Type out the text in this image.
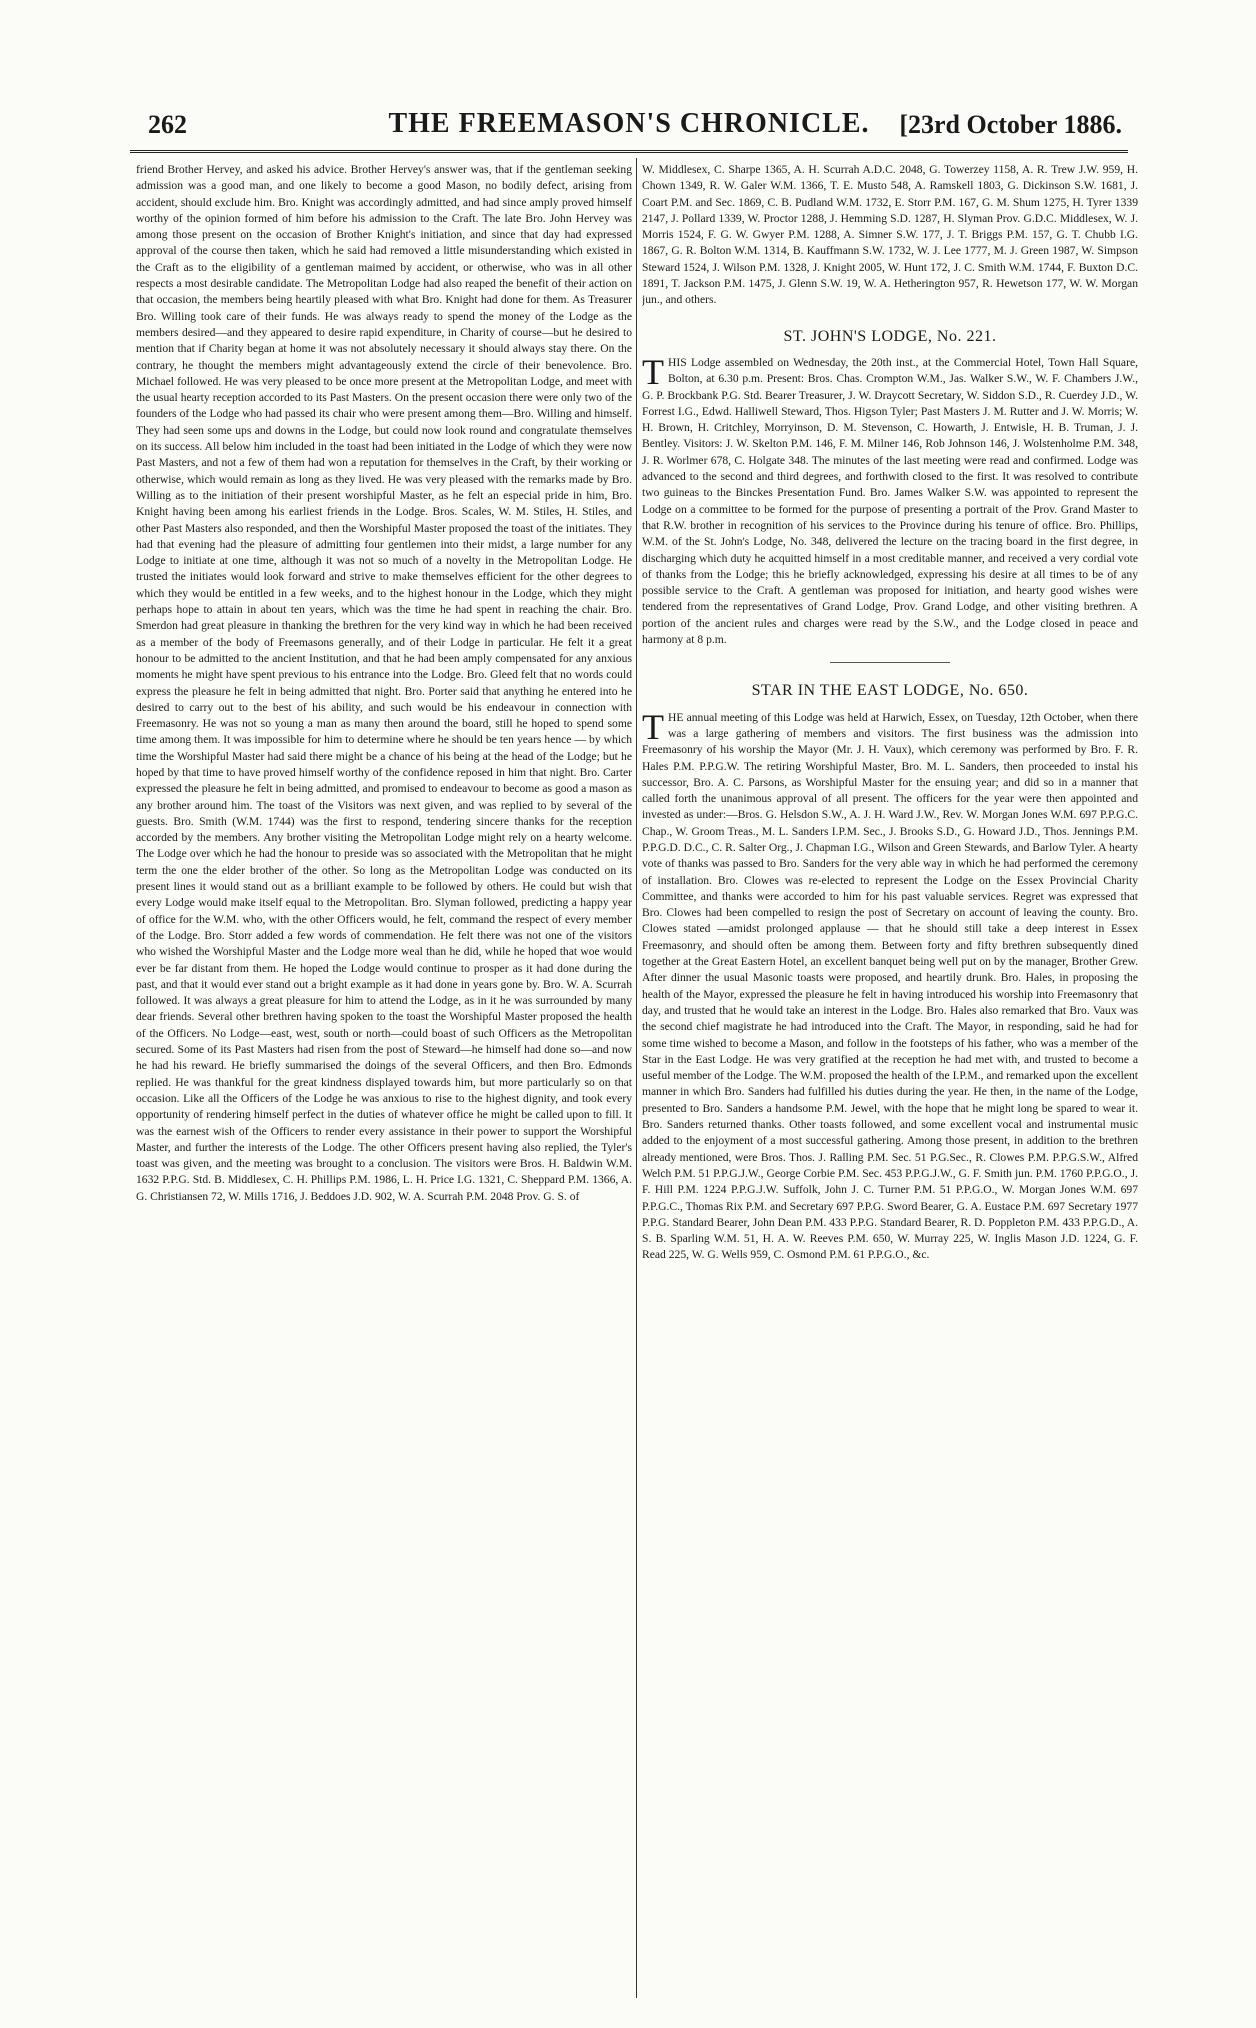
262	THE FREEMASON'S CHRONICLE.	[23rd October 1886.

friend Brother Hervey, and asked his advice. Brother Hervey's answer was, that if the gentleman seeking admission was a good man, and one likely to become a good Mason, no bodily defect, arising from accident, should exclude him. Bro. Knight was accordingly admitted, and had since amply proved himself worthy of the opinion formed of him before his admission to the Craft. The late Bro. John Hervey was among those present on the occasion of Brother Knight's initiation, and since that day had expressed approval of the course then taken, which he said had removed a little misunderstanding which existed in the Craft as to the eligibility of a gentleman maimed by accident, or otherwise, who was in all other respects a most desirable candidate. The Metropolitan Lodge had also reaped the benefit of their action on that occasion, the members being heartily pleased with what Bro. Knight had done for them. As Treasurer Bro. Willing took care of their funds. He was always ready to spend the money of the Lodge as the members desired—and they appeared to desire rapid expenditure, in Charity of course—but he desired to mention that if Charity began at home it was not absolutely necessary it should always stay there. On the contrary, he thought the members might advantageously extend the circle of their benevolence. Bro. Michael followed. He was very pleased to be once more present at the Metropolitan Lodge, and meet with the usual hearty reception accorded to its Past Masters. On the present occasion there were only two of the founders of the Lodge who had passed its chair who were present among them—Bro. Willing and himself. They had seen some ups and downs in the Lodge, but could now look round and congratulate themselves on its success. All below him included in the toast had been initiated in the Lodge of which they were now Past Masters, and not a few of them had won a reputation for themselves in the Craft, by their working or otherwise, which would remain as long as they lived. He was very pleased with the remarks made by Bro. Willing as to the initiation of their present worshipful Master, as he felt an especial pride in him, Bro. Knight having been among his earliest friends in the Lodge. Bros. Scales, W. M. Stiles, H. Stiles, and other Past Masters also responded, and then the Worshipful Master proposed the toast of the initiates. They had that evening had the pleasure of admitting four gentlemen into their midst, a large number for any Lodge to initiate at one time, although it was not so much of a novelty in the Metropolitan Lodge. He trusted the initiates would look forward and strive to make themselves efficient for the other degrees to which they would be entitled in a few weeks, and to the highest honour in the Lodge, which they might perhaps hope to attain in about ten years, which was the time he had spent in reaching the chair. Bro. Smerdon had great pleasure in thanking the brethren for the very kind way in which he had been received as a member of the body of Freemasons generally, and of their Lodge in particular. He felt it a great honour to be admitted to the ancient Institution, and that he had been amply compensated for any anxious moments he might have spent previous to his entrance into the Lodge. Bro. Gleed felt that no words could express the pleasure he felt in being admitted that night. Bro. Porter said that anything he entered into he desired to carry out to the best of his ability, and such would be his endeavour in connection with Freemasonry. He was not so young a man as many then around the board, still he hoped to spend some time among them. It was impossible for him to determine where he should be ten years hence — by which time the Worshipful Master had said there might be a chance of his being at the head of the Lodge; but he hoped by that time to have proved himself worthy of the confidence reposed in him that night. Bro. Carter expressed the pleasure he felt in being admitted, and promised to endeavour to become as good a mason as any brother around him. The toast of the Visitors was next given, and was replied to by several of the guests. Bro. Smith (W.M. 1744) was the first to respond, tendering sincere thanks for the reception accorded by the members. Any brother visiting the Metropolitan Lodge might rely on a hearty welcome. The Lodge over which he had the honour to preside was so associated with the Metropolitan that he might term the one the elder brother of the other. So long as the Metropolitan Lodge was conducted on its present lines it would stand out as a brilliant example to be followed by others. He could but wish that every Lodge would make itself equal to the Metropolitan. Bro. Slyman followed, predicting a happy year of office for the W.M. who, with the other Officers would, he felt, command the respect of every member of the Lodge. Bro. Storr added a few words of commendation. He felt there was not one of the visitors who wished the Worshipful Master and the Lodge more weal than he did, while he hoped that woe would ever be far distant from them. He hoped the Lodge would continue to prosper as it had done during the past, and that it would ever stand out a bright example as it had done in years gone by. Bro. W. A. Scurrah followed. It was always a great pleasure for him to attend the Lodge, as in it he was surrounded by many dear friends. Several other brethren having spoken to the toast the Worshipful Master proposed the health of the Officers. No Lodge—east, west, south or north—could boast of such Officers as the Metropolitan secured. Some of its Past Masters had risen from the post of Steward—he himself had done so—and now he had his reward. He briefly summarised the doings of the several Officers, and then Bro. Edmonds replied. He was thankful for the great kindness displayed towards him, but more particularly so on that occasion. Like all the Officers of the Lodge he was anxious to rise to the highest dignity, and took every opportunity of rendering himself perfect in the duties of whatever office he might be called upon to fill. It was the earnest wish of the Officers to render every assistance in their power to support the Worshipful Master, and further the interests of the Lodge. The other Officers present having also replied, the Tyler's toast was given, and the meeting was brought to a conclusion. The visitors were Bros. H. Baldwin W.M. 1632 P.P.G. Std. B. Middlesex, C. H. Phillips P.M. 1986, L. H. Price I.G. 1321, C. Sheppard P.M. 1366, A. G. Christiansen 72, W. Mills 1716, J. Beddoes J.D. 902, W. A. Scurrah P.M. 2048 Prov. G. S. of

W. Middlesex, C. Sharpe 1365, A. H. Scurrah A.D.C. 2048, G. Towerzey 1158, A. R. Trew J.W. 959, H. Chown 1349, R. W. Galer W.M. 1366, T. E. Musto 548, A. Ramskell 1803, G. Dickinson S.W. 1681, J. Coart P.M. and Sec. 1869, C. B. Pudland W.M. 1732, E. Storr P.M. 167, G. M. Shum 1275, H. Tyrer 1339 2147, J. Pollard 1339, W. Proctor 1288, J. Hemming S.D. 1287, H. Slyman Prov. G.D.C. Middlesex, W. J. Morris 1524, F. G. W. Gwyer P.M. 1288, A. Simner S.W. 177, J. T. Briggs P.M. 157, G. T. Chubb I.G. 1867, G. R. Bolton W.M. 1314, B. Kauffmann S.W. 1732, W. J. Lee 1777, M. J. Green 1987, W. Simpson Steward 1524, J. Wilson P.M. 1328, J. Knight 2005, W. Hunt 172, J. C. Smith W.M. 1744, F. Buxton D.C. 1891, T. Jackson P.M. 1475, J. Glenn S.W. 19, W. A. Hetherington 957, R. Hewetson 177, W. W. Morgan jun., and others.

ST. JOHN'S LODGE, No. 221.

THIS Lodge assembled on Wednesday, the 20th inst., at the Commercial Hotel, Town Hall Square, Bolton, at 6.30 p.m. Present: Bros. Chas. Crompton W.M., Jas. Walker S.W., W. F. Chambers J.W., G. P. Brockbank P.G. Std. Bearer Treasurer, J. W. Draycott Secretary, W. Siddon S.D., R. Cuerdey J.D., W. Forrest I.G., Edwd. Halliwell Steward, Thos. Higson Tyler; Past Masters J. M. Rutter and J. W. Morris; W. H. Brown, H. Critchley, Morryinson, D. M. Stevenson, C. Howarth, J. Entwisle, H. B. Truman, J. J. Bentley. Visitors: J. W. Skelton P.M. 146, F. M. Milner 146, Rob Johnson 146, J. Wolstenholme P.M. 348, J. R. Worlmer 678, C. Holgate 348. The minutes of the last meeting were read and confirmed. Lodge was advanced to the second and third degrees, and forthwith closed to the first. It was resolved to contribute two guineas to the Binckes Presentation Fund. Bro. James Walker S.W. was appointed to represent the Lodge on a committee to be formed for the purpose of presenting a portrait of the Prov. Grand Master to that R.W. brother in recognition of his services to the Province during his tenure of office. Bro. Phillips, W.M. of the St. John's Lodge, No. 348, delivered the lecture on the tracing board in the first degree, in discharging which duty he acquitted himself in a most creditable manner, and received a very cordial vote of thanks from the Lodge; this he briefly acknowledged, expressing his desire at all times to be of any possible service to the Craft. A gentleman was proposed for initiation, and hearty good wishes were tendered from the representatives of Grand Lodge, Prov. Grand Lodge, and other visiting brethren. A portion of the ancient rules and charges were read by the S.W., and the Lodge closed in peace and harmony at 8 p.m.

STAR IN THE EAST LODGE, No. 650.

THE annual meeting of this Lodge was held at Harwich, Essex, on Tuesday, 12th October, when there was a large gathering of members and visitors. The first business was the admission into Freemasonry of his worship the Mayor (Mr. J. H. Vaux), which ceremony was performed by Bro. F. R. Hales P.M. P.P.G.W. The retiring Worshipful Master, Bro. M. L. Sanders, then proceeded to instal his successor, Bro. A. C. Parsons, as Worshipful Master for the ensuing year; and did so in a manner that called forth the unanimous approval of all present. The officers for the year were then appointed and invested as under:—Bros. G. Helsdon S.W., A. J. H. Ward J.W., Rev. W. Morgan Jones W.M. 697 P.P.G.C. Chap., W. Groom Treas., M. L. Sanders I.P.M. Sec., J. Brooks S.D., G. Howard J.D., Thos. Jennings P.M. P.P.G.D. D.C., C. R. Salter Org., J. Chapman I.G., Wilson and Green Stewards, and Barlow Tyler. A hearty vote of thanks was passed to Bro. Sanders for the very able way in which he had performed the ceremony of installation. Bro. Clowes was re-elected to represent the Lodge on the Essex Provincial Charity Committee, and thanks were accorded to him for his past valuable services. Regret was expressed that Bro. Clowes had been compelled to resign the post of Secretary on account of leaving the county. Bro. Clowes stated —amidst prolonged applause — that he should still take a deep interest in Essex Freemasonry, and should often be among them. Between forty and fifty brethren subsequently dined together at the Great Eastern Hotel, an excellent banquet being well put on by the manager, Brother Grew. After dinner the usual Masonic toasts were proposed, and heartily drunk. Bro. Hales, in proposing the health of the Mayor, expressed the pleasure he felt in having introduced his worship into Freemasonry that day, and trusted that he would take an interest in the Lodge. Bro. Hales also remarked that Bro. Vaux was the second chief magistrate he had introduced into the Craft. The Mayor, in responding, said he had for some time wished to become a Mason, and follow in the footsteps of his father, who was a member of the Star in the East Lodge. He was very gratified at the reception he had met with, and trusted to become a useful member of the Lodge. The W.M. proposed the health of the I.P.M., and remarked upon the excellent manner in which Bro. Sanders had fulfilled his duties during the year. He then, in the name of the Lodge, presented to Bro. Sanders a handsome P.M. Jewel, with the hope that he might long be spared to wear it. Bro. Sanders returned thanks. Other toasts followed, and some excellent vocal and instrumental music added to the enjoyment of a most successful gathering. Among those present, in addition to the brethren already mentioned, were Bros. Thos. J. Ralling P.M. Sec. 51 P.G.Sec., R. Clowes P.M. P.P.G.S.W., Alfred Welch P.M. 51 P.P.G.J.W., George Corbie P.M. Sec. 453 P.P.G.J.W., G. F. Smith jun. P.M. 1760 P.P.G.O., J. F. Hill P.M. 1224 P.P.G.J.W. Suffolk, John J. C. Turner P.M. 51 P.P.G.O., W. Morgan Jones W.M. 697 P.P.G.C., Thomas Rix P.M. and Secretary 697 P.P.G. Sword Bearer, G. A. Eustace P.M. 697 Secretary 1977 P.P.G. Standard Bearer, John Dean P.M. 433 P.P.G. Standard Bearer, R. D. Poppleton P.M. 433 P.P.G.D., A. S. B. Sparling W.M. 51, H. A. W. Reeves P.M. 650, W. Murray 225, W. Inglis Mason J.D. 1224, G. F. Read 225, W. G. Wells 959, C. Osmond P.M. 61 P.P.G.O., &c.
